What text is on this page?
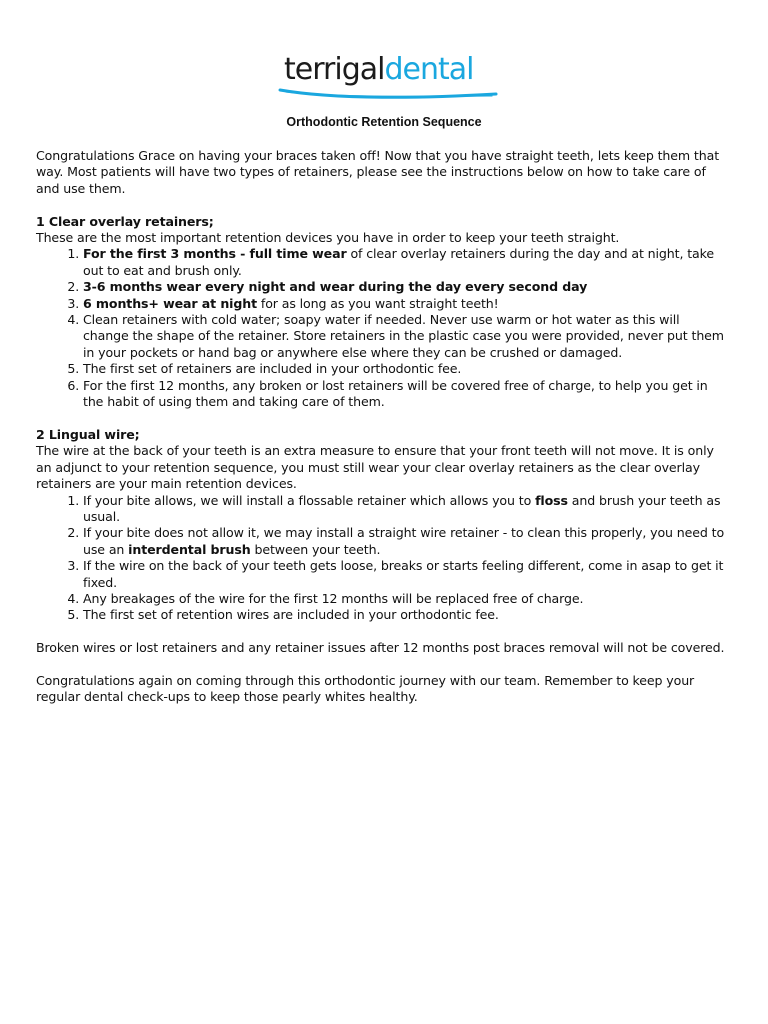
terrigaldental
Orthodontic Retention Sequence

Congratulations Grace on having your braces taken off! Now that you have straight teeth, lets keep them that way. Most patients will have two types of retainers, please see the instructions below on how to take care of and use them.

1 Clear overlay retainers;

These are the most important retention devices you have in order to keep your teeth straight.

1. For the first 3 months - full time wear of clear overlay retainers during the day and at night, take out to eat and brush only.
2. 3-6 months wear every night and wear during the day every second day
3. 6 months+ wear at night for as long as you want straight teeth!
4. Clean retainers with cold water; soapy water if needed. Never use warm or hot water as this will change the shape of the retainer. Store retainers in the plastic case you were provided, never put them in your pockets or hand bag or anywhere else where they can be crushed or damaged.
5. The first set of retainers are included in your orthodontic fee.
6. For the first 12 months, any broken or lost retainers will be covered free of charge, to help you get in the habit of using them and taking care of them.

2 Lingual wire;

The wire at the back of your teeth is an extra measure to ensure that your front teeth will not move. It is only an adjunct to your retention sequence, you must still wear your clear overlay retainers as the clear overlay retainers are your main retention devices.

1. If your bite allows, we will install a flossable retainer which allows you to floss and brush your teeth as usual.
2. If your bite does not allow it, we may install a straight wire retainer - to clean this properly, you need to use an interdental brush between your teeth.
3. If the wire on the back of your teeth gets loose, breaks or starts feeling different, come in asap to get it fixed.
4. Any breakages of the wire for the first 12 months will be replaced free of charge.
5. The first set of retention wires are included in your orthodontic fee.

Broken wires or lost retainers and any retainer issues after 12 months post braces removal will not be covered.

Congratulations again on coming through this orthodontic journey with our team. Remember to keep your regular dental check-ups to keep those pearly whites healthy.
